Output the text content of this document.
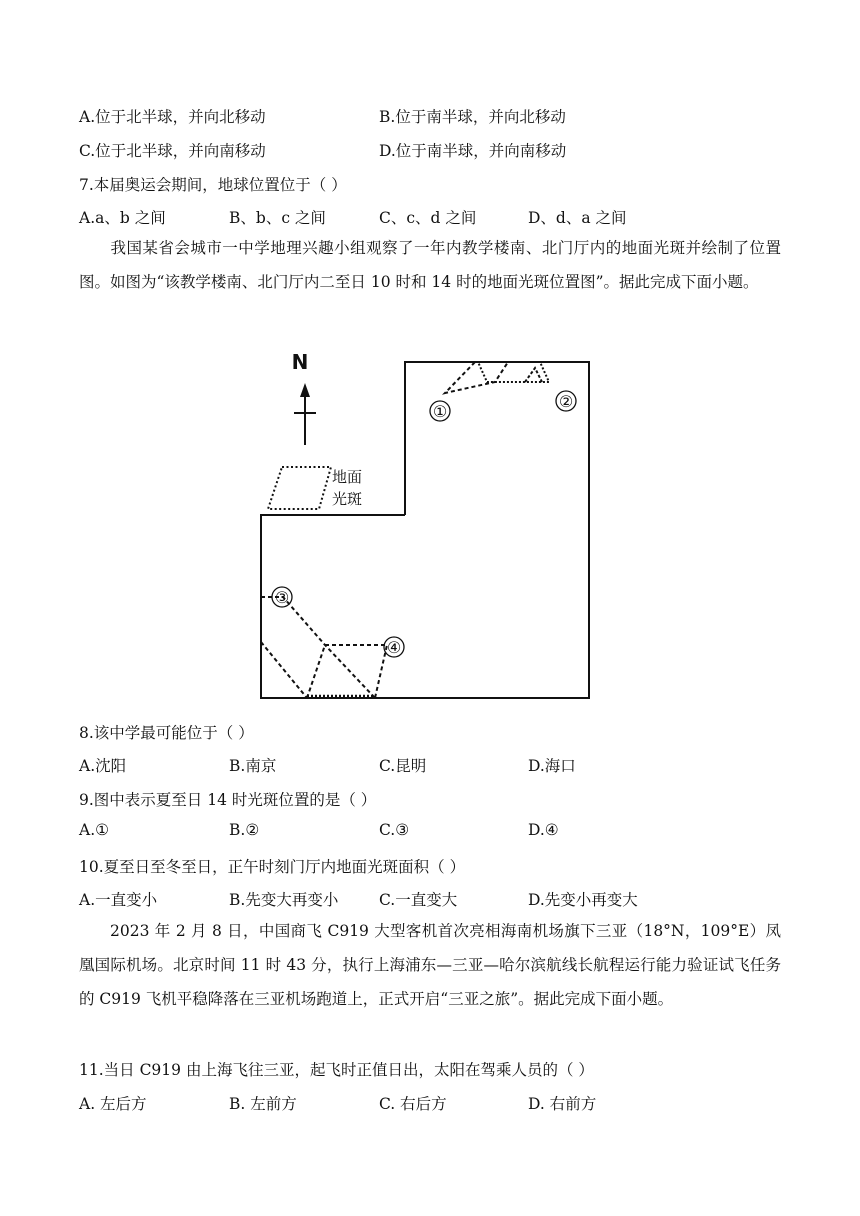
A.位于北半球，并向北移动	B.位于南半球，并向北移动
C.位于北半球，并向南移动	D.位于南半球，并向南移动
7.本届奥运会期间，地球位置位于（ ）
A.a、b 之间	B、b、c 之间	C、c、d 之间	D、d、a 之间
我国某省会城市一中学地理兴趣小组观察了一年内教学楼南、北门厅内的地面光斑并绘制了位置图。如图为“该教学楼南、北门厅内二至日 10 时和 14 时的地面光斑位置图”。据此完成下面小题。
N
地面
光斑
①
②
③
④
8.该中学最可能位于（ ）
A.沈阳	B.南京	C.昆明	D.海口
9.图中表示夏至日 14 时光斑位置的是（ ）
A.①	B.②	C.③	D.④
10.夏至日至冬至日，正午时刻门厅内地面光斑面积（ ）
A.一直变小	B.先变大再变小	C.一直变大	D.先变小再变大
2023 年 2 月 8 日，中国商飞 C919 大型客机首次亮相海南机场旗下三亚（18°N，109°E）凤凰国际机场。北京时间 11 时 43 分，执行上海浦东—三亚—哈尔滨航线长航程运行能力验证试飞任务的 C919 飞机平稳降落在三亚机场跑道上，正式开启“三亚之旅”。据此完成下面小题。
11.当日 C919 由上海飞往三亚，起飞时正值日出，太阳在驾乘人员的（ ）
A. 左后方	B. 左前方	C. 右后方	D. 右前方
